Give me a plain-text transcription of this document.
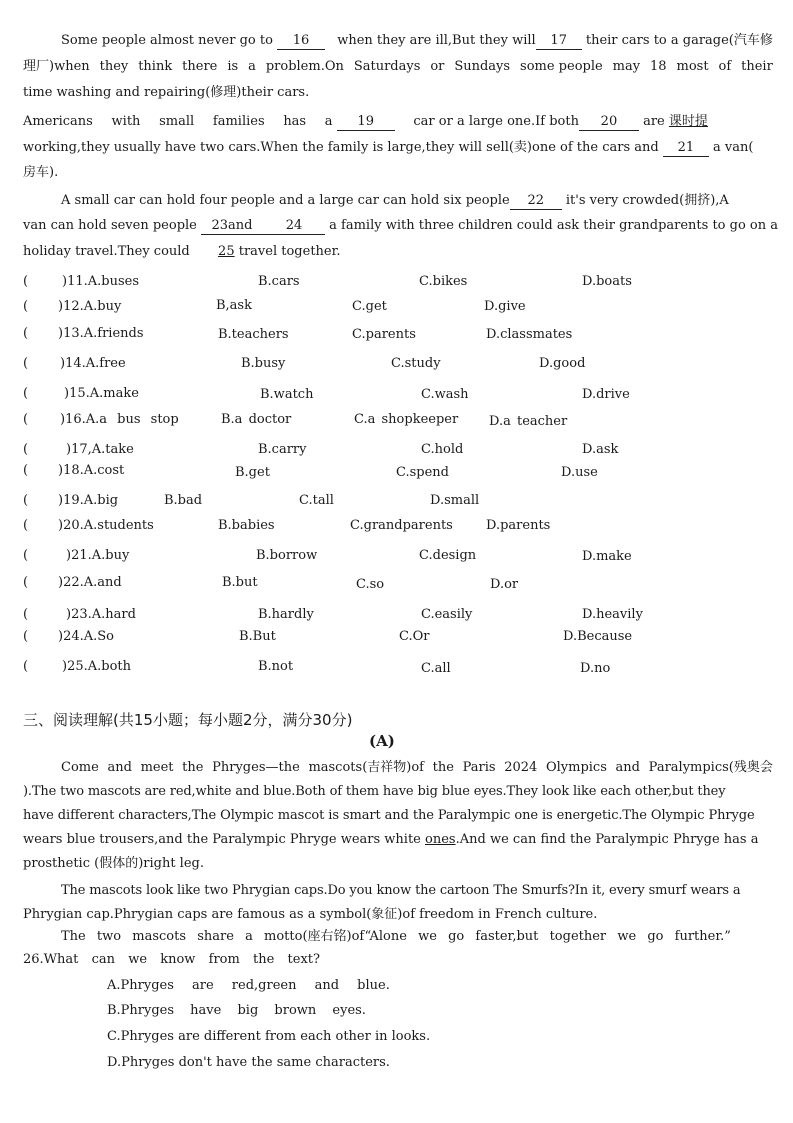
Some people almost never go to 16 when they are ill,But they will 17 their cars to a garage(汽车修
理厂)when they think there is a problem.On Saturdays or Sundays some people may 18 most of their
time washing and repairing(修理)their cars.
Americans with small families has a 19	car or a large one.If both 20 are 课时提
working,they usually have two cars.When the family is large,they will sell(卖)one of the cars and 21 a van(
房车).
A small car can hold four people and a large car can hold six people 22 it's very crowded(拥挤),A
van can hold seven people 23and	24 a family with three children could ask their grandparents to go on a
holiday travel.They could 25 travel together.
(	)11.A.buses	B.cars	C.bikes	D.boats
( )12.A.buy	B,ask	C.get	D.give
( )13.A.friends	B.teachers	C.parents	D.classmates
( )14.A.free	B.busy	C.study	D.good
(	)15.A.make	B.watch	C.wash	D.drive
( )16.A.a bus stop	B.a doctor	C.a shopkeeper D.a teacher
(	)17,A.take	B.carry	C.hold	D.ask
( )18.A.cost	B.get	C.spend	D.use
( )19.A.big	B.bad	C.tall	D.small
( )20.A.students	B.babies	C.grandparents	D.parents
(	)21.A.buy	B.borrow	C.design	D.make
( )22.A.and	B.but	C.so	D.or
(	)23.A.hard	B.hardly	C.easily	D.heavily
( )24.A.So	B.But	C.Or	D.Because
(	)25.A.both	B.not	C.all	D.no
三、阅读理解(共15小题；每小题2分，满分30分)
(A)
Come and meet the Phryges—the mascots(吉祥物)of the Paris 2024 Olympics and Paralympics(残奥会
).The two mascots are red,white and blue.Both of them have big blue eyes.They look like each other,but they
have different characters,The Olympic mascot is smart and the Paralympic one is energetic.The Olympic Phryge
wears blue trousers,and the Paralympic Phryge wears white ones.And we can find the Paralympic Phryge has a
prosthetic (假体的)right leg.
The mascots look like two Phrygian caps.Do you know the cartoon The Smurfs?In it, every smurf wears a
Phrygian cap.Phrygian caps are famous as a symbol(象征)of freedom in French culture.
The two mascots share a motto(座右铭)of“Alone we go faster,but together we go further.”
26.What can we know from the text?
A.Phryges are red,green and blue.
B.Phryges have big brown eyes.
C.Phryges are different from each other in looks.
D.Phryges don't have the same characters.
